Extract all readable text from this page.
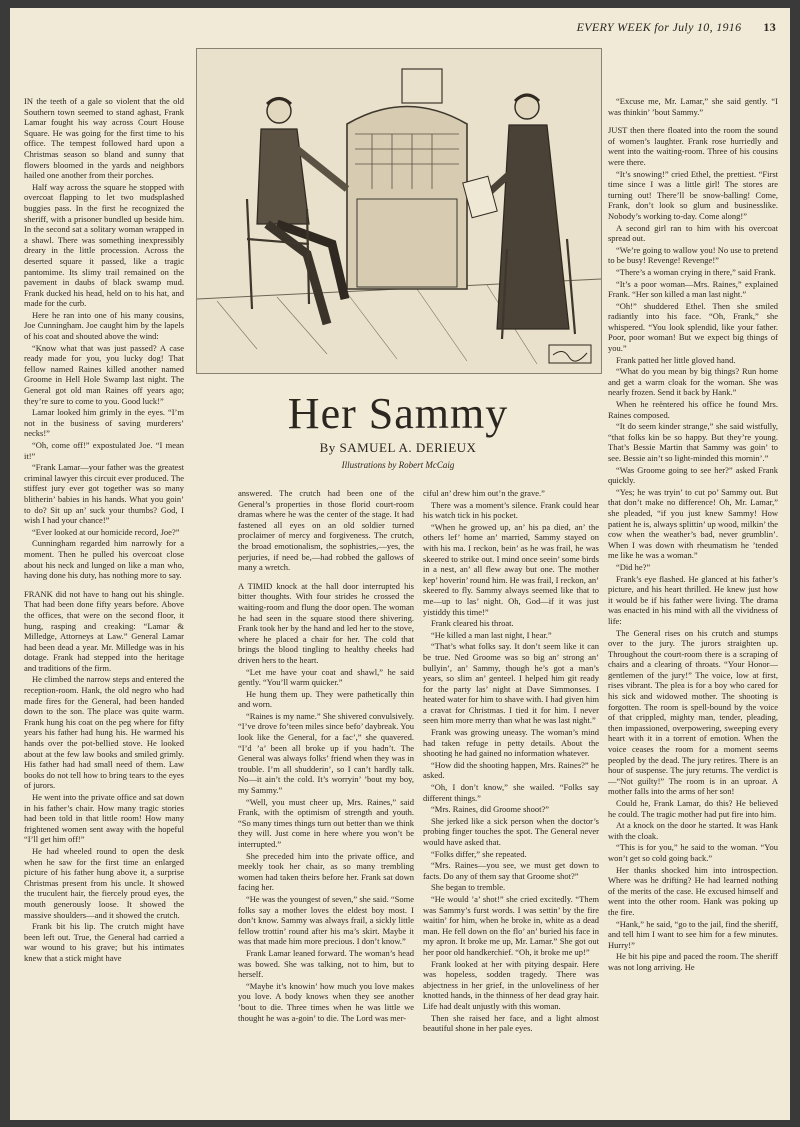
EVERY WEEK for July 10, 1916 13

IN the teeth of a gale so violent that the old Southern town seemed to stand aghast, Frank Lamar fought his way across Court House Square. He was going for the first time to his office. The tempest followed hard upon a Christmas season so bland and sunny that flowers bloomed in the yards and neighbors hailed one another from their porches.

Half way across the square he stopped with overcoat flapping to let two mudsplashed buggies pass. In the first he recognized the sheriff, with a prisoner bundled up beside him. In the second sat a solitary woman wrapped in a shawl. There was something inexpressibly dreary in the little procession. Across the deserted square it passed, like a tragic pantomime. Its slimy trail remained on the pavement in daubs of black swamp mud. Frank ducked his head, held on to his hat, and made for the curb.

Here he ran into one of his many cousins, Joe Cunningham. Joe caught him by the lapels of his coat and shouted above the wind:

“Know what that was just passed? A case ready made for you, you lucky dog! That fellow named Raines killed another named Groome in Hell Hole Swamp last night. The General got old man Raines off years ago; they’re sure to come to you. Good luck!”

Lamar looked him grimly in the eyes. “I’m not in the business of saving murderers’ necks!”

“Oh, come off!” expostulated Joe. “I mean it!”

“Frank Lamar—your father was the greatest criminal lawyer this circuit ever produced. The stiffest jury ever got together was so many blitherin’ babies in his hands. What you goin’ to do? Sit up an’ suck your thumbs? God, I wish I had your chance!”

“Ever looked at our homicide record, Joe?”

Cunningham regarded him narrowly for a moment. Then he pulled his overcoat close about his neck and lunged on like a man who, having done his duty, has nothing more to say.

FRANK did not have to hang out his shingle. That had been done fifty years before. Above the offices, that were on the second floor, it hung, rasping and creaking: “Lamar & Milledge, Attorneys at Law.” General Lamar had been dead a year. Mr. Milledge was in his dotage. Frank had stepped into the heritage and traditions of the firm.

He climbed the narrow steps and entered the reception-room. Hank, the old negro who had made fires for the General, had been handed down to the son. The place was quite warm. Frank hung his coat on the peg where for fifty years his father had hung his. He warmed his hands over the pot-bellied stove. He looked about at the few law books and smiled grimly. His father had had small need of them. Law books do not tell how to bring tears to the eyes of jurors.

He went into the private office and sat down in his father’s chair. How many tragic stories had been told in that little room! How many frightened women sent away with the hopeful “I’ll get him off!”

He had wheeled round to open the desk when he saw for the first time an enlarged picture of his father hung above it, a surprise Christmas present from his uncle. It showed the truculent hair, the fiercely proud eyes, the mouth generously loose. It showed the massive shoulders—and it showed the crutch.

Frank bit his lip. The crutch might have been left out. True, the General had carried a war wound to his grave; but his intimates knew that a stick might have

Her Sammy
By SAMUEL A. DERIEUX
Illustrations by Robert McCaig

answered. The crutch had been one of the General’s properties in those florid court-room dramas where he was the center of the stage. It had fastened all eyes on an old soldier turned proclaimer of mercy and forgiveness. The crutch, the broad emotionalism, the sophistries,—yes, the perjuries, if need be,—had robbed the gallows of many a wretch.

A TIMID knock at the hall door interrupted his bitter thoughts. With four strides he crossed the waiting-room and flung the door open. The woman he had seen in the square stood there shivering. Frank took her by the hand and led her to the stove, where he placed a chair for her. The cold that brings the blood tingling to healthy cheeks had driven hers to the heart.

“Let me have your coat and shawl,” he said gently. “You’ll warm quicker.”

He hung them up. They were pathetically thin and worn.

“Raines is my name.” She shivered convulsively. “I’ve drove fo’teen miles since befo’ daybreak. You look like the General, for a fac’,” she quavered. “I’d ’a’ been all broke up if you hadn’t. The General was always folks’ friend when they was in trouble. I’m all shudderin’, so I can’t hardly talk. No—it ain’t the cold. It’s worryin’ ’bout my boy, my Sammy.”

“Well, you must cheer up, Mrs. Raines,” said Frank, with the optimism of strength and youth. “So many times things turn out better than we think they will. Just come in here where you won’t be interrupted.”

She preceded him into the private office, and meekly took her chair, as so many trembling women had taken theirs before her. Frank sat down facing her.

“He was the youngest of seven,” she said. “Some folks say a mother loves the eldest boy most. I don’t know. Sammy was always frail, a sickly little fellow trottin’ round after his ma’s skirt. Maybe it was that made him more precious. I don’t know.”

Frank Lamar leaned forward. The woman’s head was bowed. She was talking, not to him, but to herself.

“Maybe it’s knowin’ how much you love makes you love. A body knows when they see another ’bout to die. Three times when he was little we thought he was a-goin’ to die. The Lord was mer-

ciful an’ drew him out’n the grave.”

There was a moment’s silence. Frank could hear his watch tick in his pocket.

“When he growed up, an’ his pa died, an’ the others lef’ home an’ married, Sammy stayed on with his ma. I reckon, bein’ as he was frail, he was skeered to strike out. I mind once seein’ some birds in a nest, an’ all flew away but one. The mother kep’ hoverin’ round him. He was frail, I reckon, an’ skeered to fly. Sammy always seemed like that to me—up to las’ night. Oh, God—if it was just yistiddy this time!”

Frank cleared his throat.

“He killed a man last night, I hear.”

“That’s what folks say. It don’t seem like it can be true. Ned Groome was so big an’ strong an’ bullyin’, an’ Sammy, though he’s got a man’s years, so slim an’ genteel. I helped him git ready for the party las’ night at Dave Simmonses. I heated water for him to shave with. I had given him a cravat for Christmas. I tied it for him. I never seen him more merry than what he was last night.”

Frank was growing uneasy. The woman’s mind had taken refuge in petty details. About the shooting he had gained no information whatever.

“How did the shooting happen, Mrs. Raines?” he asked.

“Oh, I don’t know,” she wailed. “Folks say different things.”

“Mrs. Raines, did Groome shoot?”

She jerked like a sick person when the doctor’s probing finger touches the spot. The General never would have asked that.

“Folks differ,” she repeated.

“Mrs. Raines—you see, we must get down to facts. Do any of them say that Groome shot?”

She began to tremble.

“He would ’a’ shot!” she cried excitedly. “Them was Sammy’s furst words. I was settin’ by the fire waitin’ for him, when he broke in, white as a dead man. He fell down on the flo’ an’ buried his face in my apron. It broke me up, Mr. Lamar.” She got out her poor old handkerchief. “Oh, it broke me up!”

Frank looked at her with pitying despair. Here was hopeless, sodden tragedy. There was abjectness in her grief, in the unloveliness of her knotted hands, in the thinness of her dead gray hair. Life had dealt unjustly with this woman.

Then she raised her face, and a light almost beautiful shone in her pale eyes.

“Excuse me, Mr. Lamar,” she said gently. “I was thinkin’ ’bout Sammy.”

JUST then there floated into the room the sound of women’s laughter. Frank rose hurriedly and went into the waiting-room. Three of his cousins were there.

“It’s snowing!” cried Ethel, the prettiest. “First time since I was a little girl! The stores are turning out! There’ll be snow-balling! Come, Frank, don’t look so glum and businesslike. Nobody’s working to-day. Come along!”

A second girl ran to him with his overcoat spread out.

“We’re going to wallow you! No use to pretend to be busy! Revenge! Revenge!”

“There’s a woman crying in there,” said Frank.

“It’s a poor woman—Mrs. Raines,” explained Frank. “Her son killed a man last night.”

“Oh!” shuddered Ethel. Then she smiled radiantly into his face. “Oh, Frank,” she whispered. “You look splendid, like your father. Poor, poor woman! But we expect big things of you.”

Frank patted her little gloved hand.

“What do you mean by big things? Run home and get a warm cloak for the woman. She was nearly frozen. Send it back by Hank.”

When he reëntered his office he found Mrs. Raines composed.

“It do seem kinder strange,” she said wistfully, “that folks kin be so happy. But they’re young. That’s Bessie Martin that Sammy was goin’ to see. Bessie ain’t so light-minded this mornin’.”

“Was Groome going to see her?” asked Frank quickly.

“Yes; he was tryin’ to cut po’ Sammy out. But that don’t make no difference! Oh, Mr. Lamar,” she pleaded, “if you just knew Sammy! How patient he is, always splittin’ up wood, milkin’ the cow when the weather’s bad, never grumblin’. When I was down with rheumatism he ’tended me like he was a woman.”

“Did he?”

Frank’s eye flashed. He glanced at his father’s picture, and his heart thrilled. He knew just how it would be if his father were living. The drama was enacted in his mind with all the vividness of life:

The General rises on his crutch and stumps over to the jury. The jurors straighten up. Throughout the court-room there is a scraping of chairs and a clearing of throats. “Your Honor—gentlemen of the jury!” The voice, low at first, rises vibrant. The plea is for a boy who cared for his sick and widowed mother. The shooting is forgotten. The room is spell-bound by the voice of that crippled, mighty man, tender, pleading, then impassioned, overpowering, sweeping every heart with it in a torrent of emotion. When the voice ceases the room for a moment seems peopled by the dead. The jury retires. There is an hour of suspense. The jury returns. The verdict is—“Not guilty!” The room is in an uproar. A mother falls into the arms of her son!

Could he, Frank Lamar, do this? He believed he could. The tragic mother had put fire into him.

At a knock on the door he started. It was Hank with the cloak.

“This is for you,” he said to the woman. “You won’t get so cold going back.”

Her thanks shocked him into introspection. Where was he drifting? He had learned nothing of the merits of the case. He excused himself and went into the other room. Hank was poking up the fire.

“Hank,” he said, “go to the jail, find the sheriff, and tell him I want to see him for a few minutes. Hurry!”

He bit his pipe and paced the room. The sheriff was not long arriving. He
